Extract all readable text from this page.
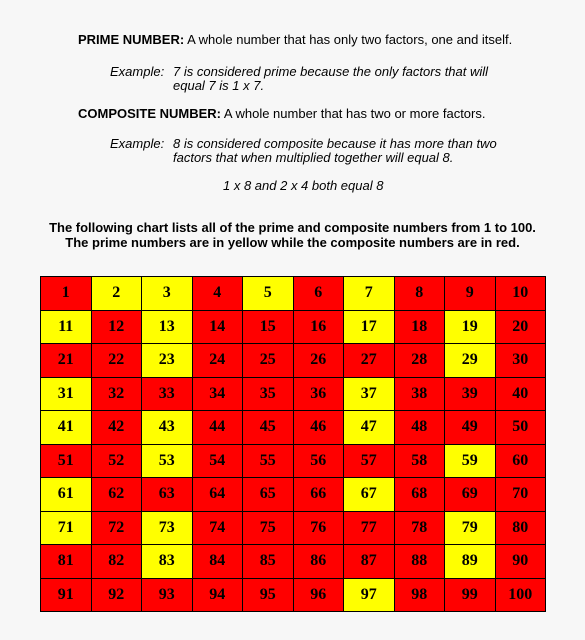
PRIME NUMBER: A whole number that has only two factors, one and itself.
Example: 7 is considered prime because the only factors that will
equal 7 is 1 x 7.
COMPOSITE NUMBER: A whole number that has two or more factors.
Example: 8 is considered composite because it has more than two
factors that when multiplied together will equal 8.
1 x 8 and 2 x 4 both equal 8
The following chart lists all of the prime and composite numbers from 1 to 100.
The prime numbers are in yellow while the composite numbers are in red.
1	2	3	4	5	6	7	8	9	10
11	12	13	14	15	16	17	18	19	20
21	22	23	24	25	26	27	28	29	30
31	32	33	34	35	36	37	38	39	40
41	42	43	44	45	46	47	48	49	50
51	52	53	54	55	56	57	58	59	60
61	62	63	64	65	66	67	68	69	70
71	72	73	74	75	76	77	78	79	80
81	82	83	84	85	86	87	88	89	90
91	92	93	94	95	96	97	98	99	100
